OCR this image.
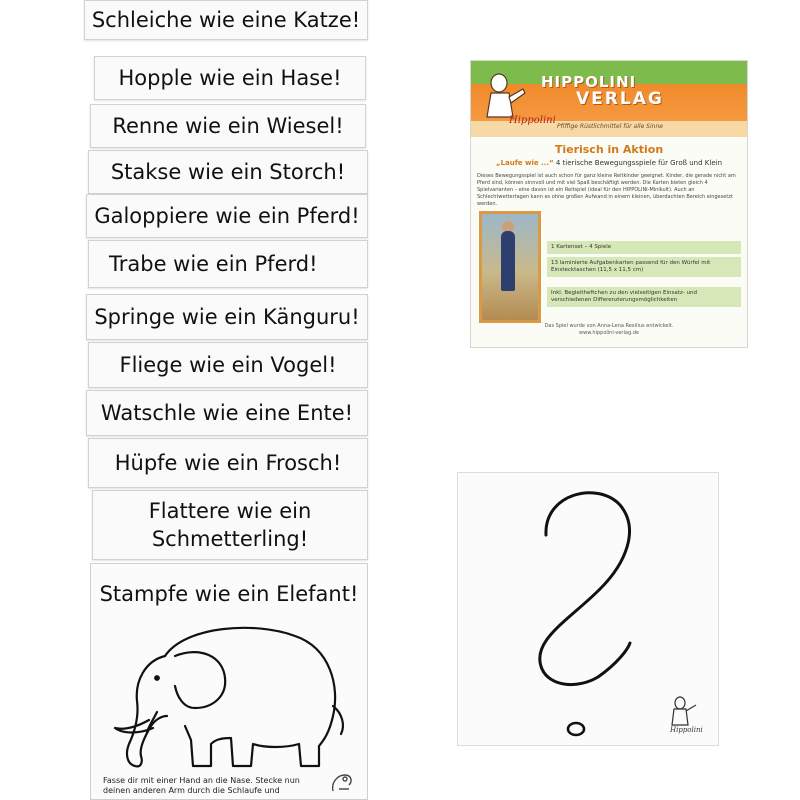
Schleiche wie eine Katze!
Hopple wie ein Hase!
Renne wie ein Wiesel!
Stakse wie ein Storch!
Galoppiere wie ein Pferd!
Trabe wie ein Pferd!
Springe wie ein Känguru!
Fliege wie ein Vogel!
Watschle wie eine Ente!
Hüpfe wie ein Frosch!
Flattere wie ein
Schmetterling!
Stampfe wie ein Elefant!
Fasse dir mit einer Hand an die Nase. Stecke nun deinen anderen Arm durch die Schlaufe und
Hippolini
HIPPOLINI
VERLAG
Pfiffige Rüstlichmittel für alle Sinne
Tierisch in Aktion
„Laufe wie ...“ 4 tierische Bewegungsspiele für Groß und Klein
Dieses Bewegungsspiel ist auch schon für ganz kleine Reitkinder geeignet. Kinder, die gerade nicht am Pferd sind, können sinnvoll und mit viel Spaß beschäftigt werden. Die Karten bieten gleich 4 Spielvarianten – eine davon ist ein Reitspiel (ideal für den HIPPOLINI-Minikult). Auch an Schlechtwettertagen kann es ohne großen Aufwand in einem kleinen, überdachten Bereich eingesetzt werden.
1 Kartenset – 4 Spiele
13 laminierte Aufgabenkarten passend für den Würfel mit Einstecktaschen (11,5 x 11,5 cm)
Inkl. Begleitheftchen zu den vielseitigen Einsatz- und verschiedenen Differenzierungsmöglichkeiten
Das Spiel wurde von Anna-Lena Rexilius entwickelt.
www.hippolini-verlag.de
Hippolini
